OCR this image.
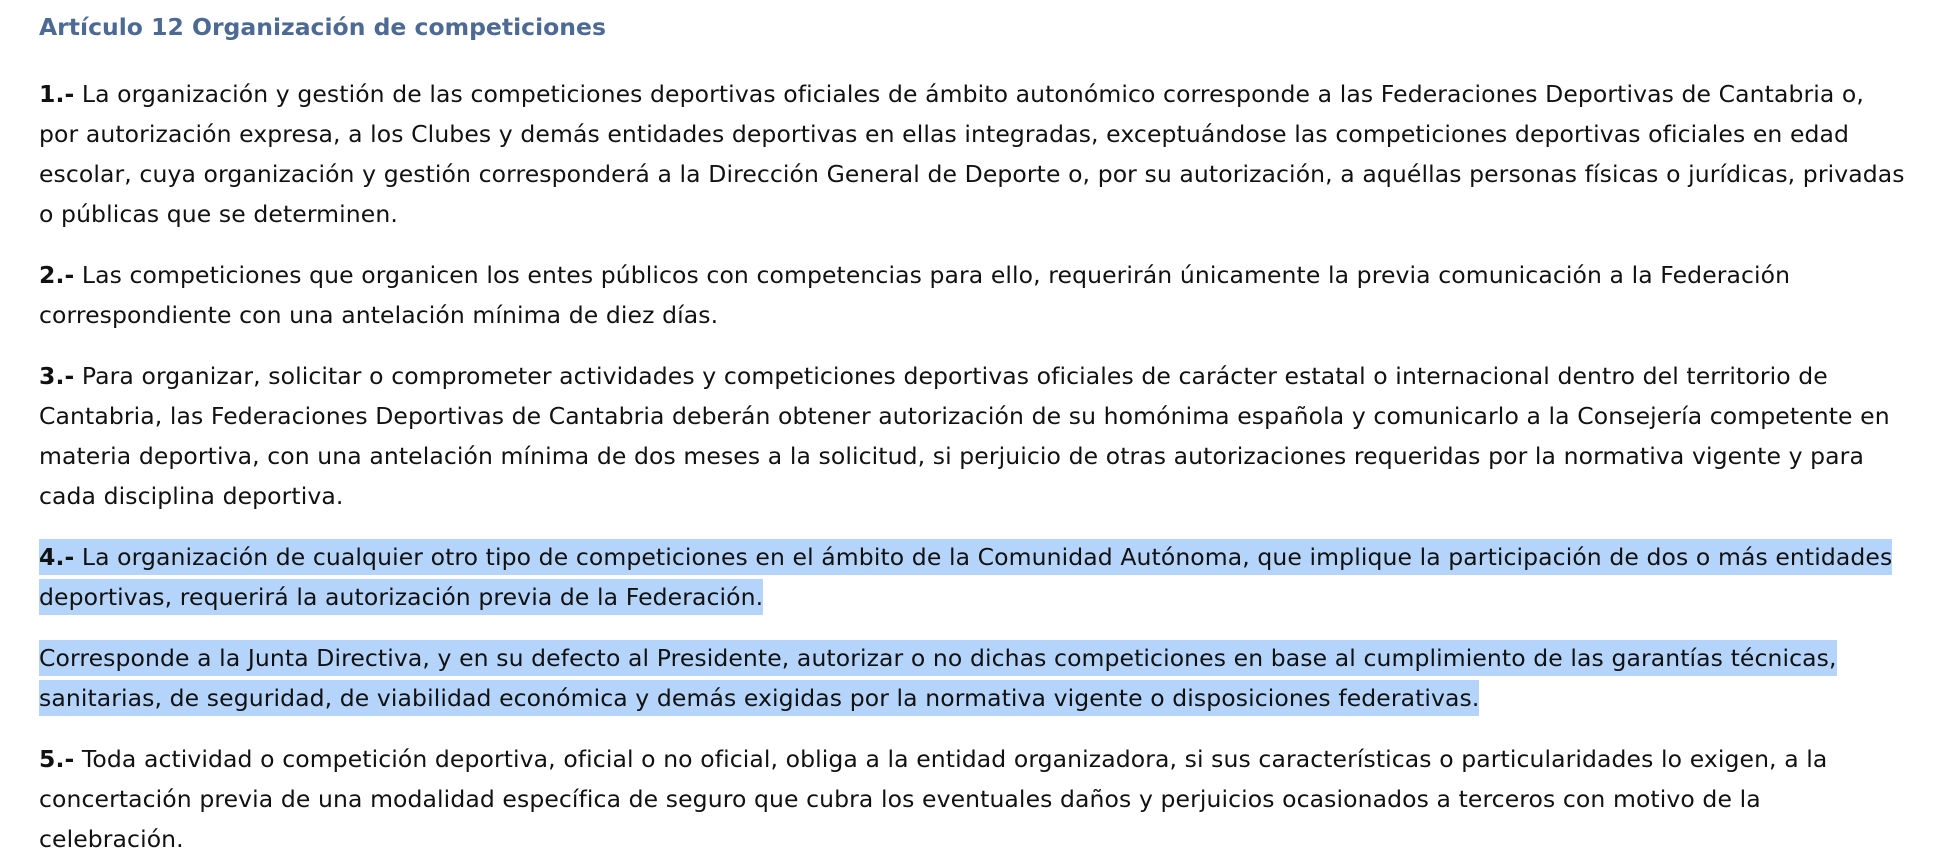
Artículo 12 Organización de competiciones

1.- La organización y gestión de las competiciones deportivas oficiales de ámbito autonómico corresponde a las Federaciones Deportivas de Cantabria o, por autorización expresa, a los Clubes y demás entidades deportivas en ellas integradas, exceptuándose las competiciones deportivas oficiales en edad escolar, cuya organización y gestión corresponderá a la Dirección General de Deporte o, por su autorización, a aquéllas personas físicas o jurídicas, privadas o públicas que se determinen.

2.- Las competiciones que organicen los entes públicos con competencias para ello, requerirán únicamente la previa comunicación a la Federación correspondiente con una antelación mínima de diez días.

3.- Para organizar, solicitar o comprometer actividades y competiciones deportivas oficiales de carácter estatal o internacional dentro del territorio de Cantabria, las Federaciones Deportivas de Cantabria deberán obtener autorización de su homónima española y comunicarlo a la Consejería competente en materia deportiva, con una antelación mínima de dos meses a la solicitud, si perjuicio de otras autorizaciones requeridas por la normativa vigente y para cada disciplina deportiva.

4.- La organización de cualquier otro tipo de competiciones en el ámbito de la Comunidad Autónoma, que implique la participación de dos o más entidades deportivas, requerirá la autorización previa de la Federación.

Corresponde a la Junta Directiva, y en su defecto al Presidente, autorizar o no dichas competiciones en base al cumplimiento de las garantías técnicas, sanitarias, de seguridad, de viabilidad económica y demás exigidas por la normativa vigente o disposiciones federativas.

5.- Toda actividad o competición deportiva, oficial o no oficial, obliga a la entidad organizadora, si sus características o particularidades lo exigen, a la concertación previa de una modalidad específica de seguro que cubra los eventuales daños y perjuicios ocasionados a terceros con motivo de la celebración.
